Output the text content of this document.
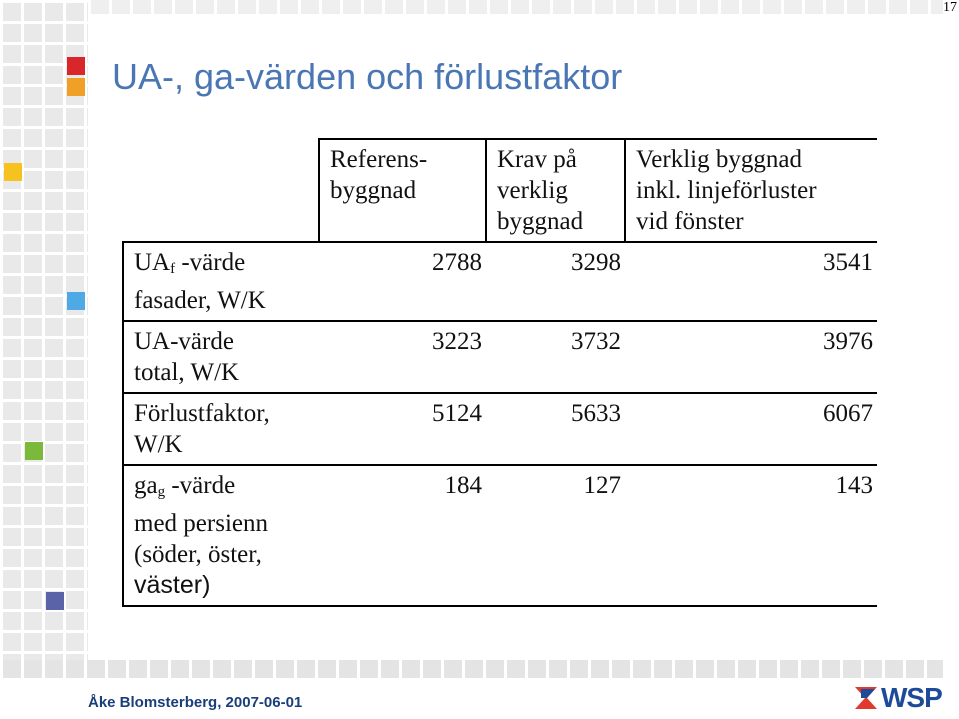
17
UA-, ga-värden och förlustfaktor
	Referens-
byggnad	Krav på
verklig
byggnad	Verklig byggnad
inkl. linjeförluster
vid fönster
$UA_f$ -värde
fasader, W/K	2788	3298	3541
UA-värde
total, W/K	3223	3732	3976
Förlustfaktor,
W/K	5124	5633	6067
$ga_g$ -värde
med persienn
(söder, öster,
väster)	184	127	143
Åke Blomsterberg, 2007-06-01	WSP
